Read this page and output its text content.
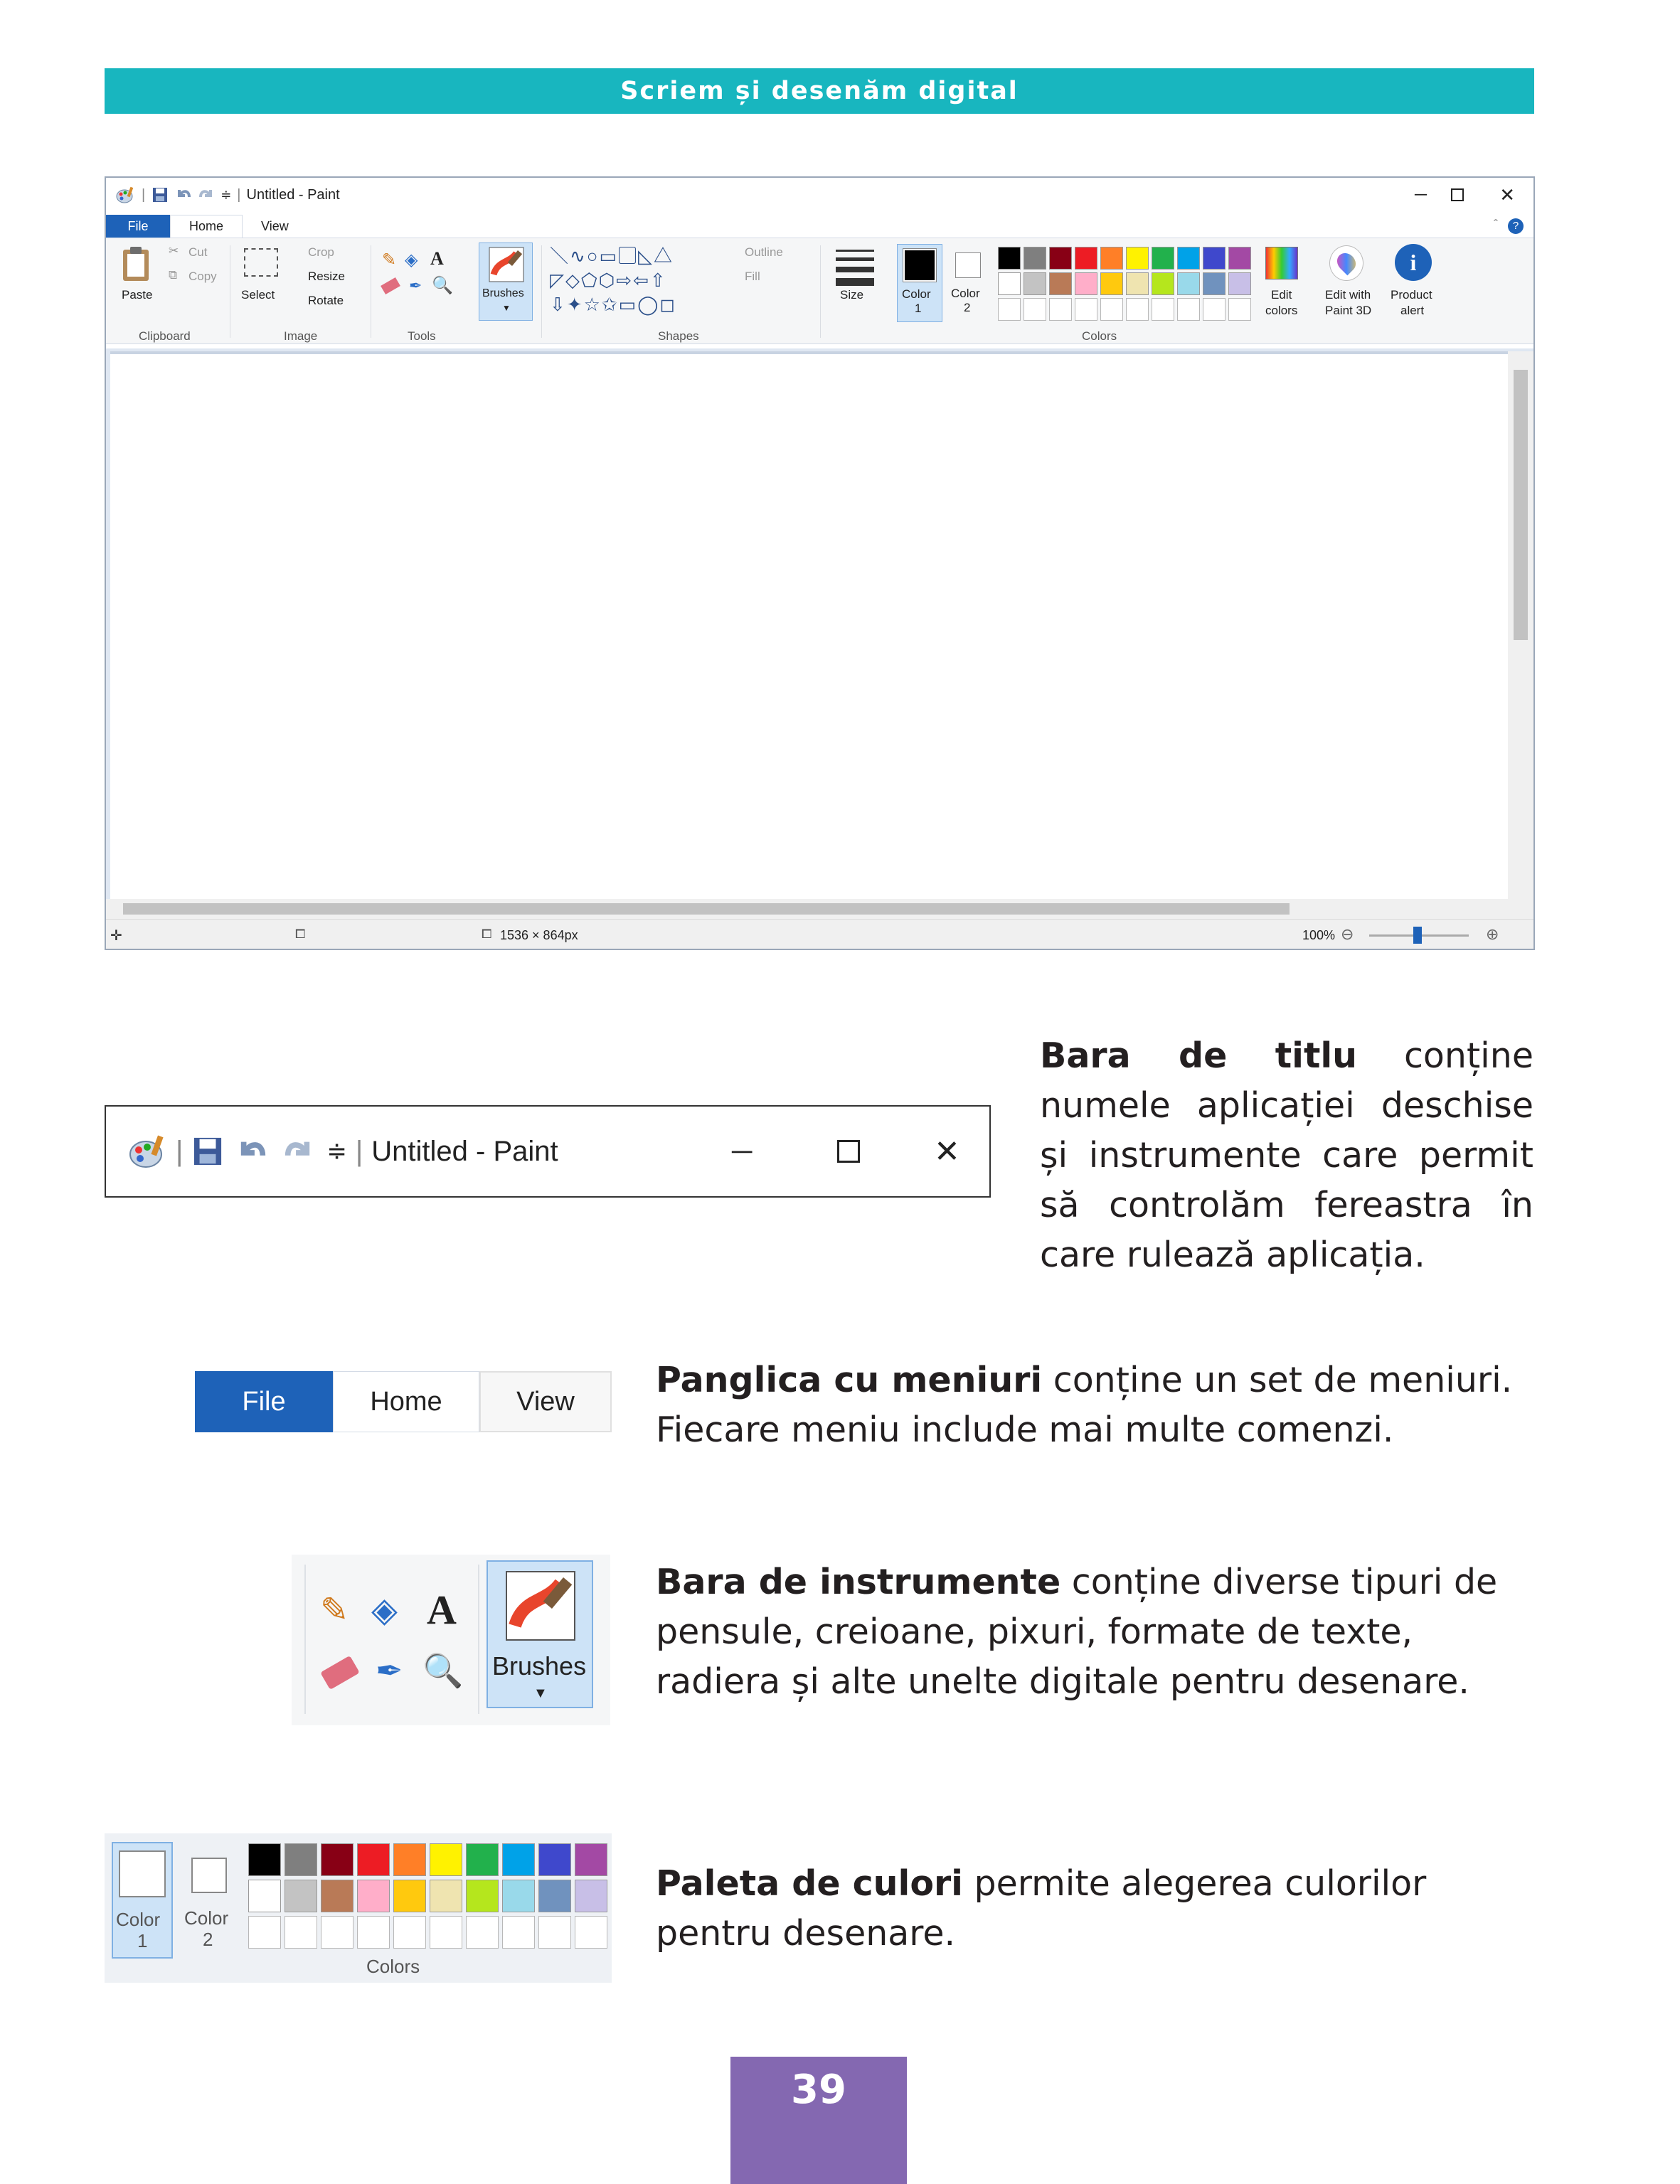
Scriem și desenăm digital
|	≑ | Untitled - Paint	─	✕
File	Home	View	ˆ	?
Paste
✂ Cut
⧉ Copy
Clipboard
Select
Crop
Resize
Rotate
Image
✎ ◈ A
✒ 🔍
Tools
Brushes
▼
＼∿○▭▢◺△
◸◇⬠⬡⇨⇦⇧
⇩✦☆✩▭◯◻
Outline
Fill
Shapes
Size	Color
1
Color
2
Colors
Edit
colors
Edit with
Paint 3D
i
Product
alert
✛	⧠	⧠ 1536 × 864px	100% ⊖	⊕
|	≑ | Untitled - Paint	─	✕
Bara de titlu conține numele aplicației deschise și instrumente care permit să controlăm fereastra în care rulează aplicația.
File	Home	View
Panglica cu meniuri conține un set de meniuri. Fiecare meniu include mai multe comenzi.
✎ ◈ A
✒ 🔍 Brushes
▼
Bara de instrumente conține diverse tipuri de pensule, creioane, pixuri, formate de texte, radiera și alte unelte digitale pentru desenare.
Color
1
Color
2
Colors
Paleta de culori permite alegerea culorilor pentru desenare.
39
